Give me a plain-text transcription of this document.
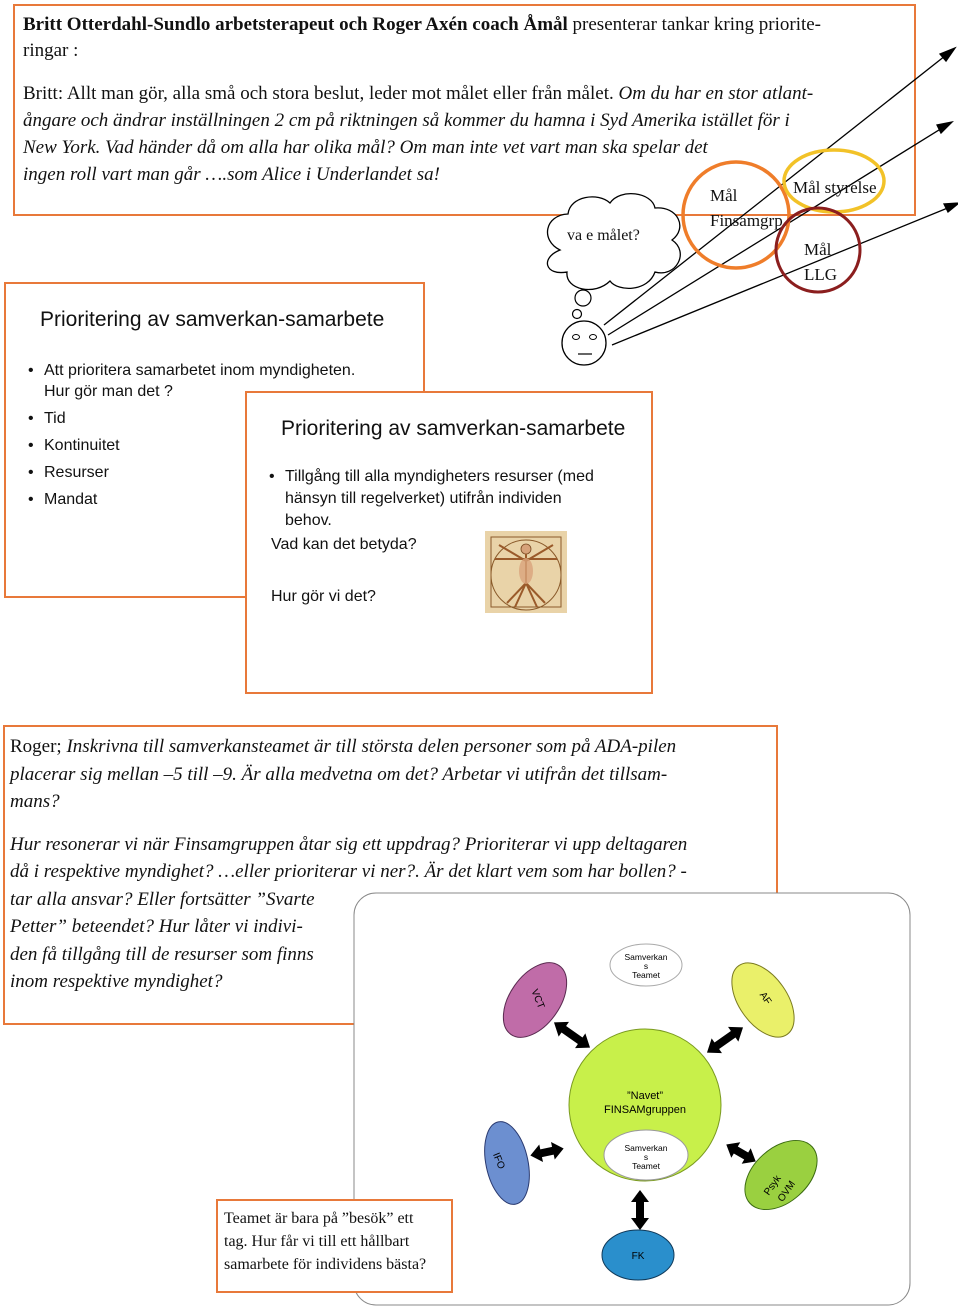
Britt Otterdahl-Sundlo arbetsterapeut och Roger Axén coach Åmål presenterar tankar kring priorite-
ringar :
Britt: Allt man gör, alla små och stora beslut, leder mot målet eller från målet. Om du har en stor atlant-
ångare och ändrar inställningen 2 cm på riktningen så kommer du hamna i Syd Amerika istället för i
New York. Vad händer då om alla har olika mål? Om man inte vet vart man ska spelar det
ingen roll vart man går ….som Alice i Underlandet sa!
va e målet?
Mål
Finsamgrp
Mål styrelse
Mål
LLG
Prioritering av samverkan-samarbete
• Att prioritera samarbetet inom myndigheten.
Hur gör man det ?
• Tid
• Kontinuitet
• Resurser
• Mandat
Prioritering av samverkan-samarbete
• Tillgång till alla myndigheters resurser (med
hänsyn till regelverket) utifrån individen
behov.
Vad kan det betyda?
Hur gör vi det?
Roger; Inskrivna till samverkansteamet är till största delen personer som på ADA-pilen
placerar sig mellan –5 till –9. Är alla medvetna om det? Arbetar vi utifrån det tillsam-
mans?
Hur resonerar vi när Finsamgruppen åtar sig ett uppdrag? Prioriterar vi upp deltagaren
då i respektive myndighet? …eller prioriterar vi ner?. Är det klart vem som har bollen? -
tar alla ansvar? Eller fortsätter ”Svarte
Petter” beteendet? Hur låter vi indivi-
den få tillgång till de resurser som finns
inom respektive myndighet?
Samverkan
s
Teamet
”Navet”
FINSAMgruppen
Samverkan
s
Teamet
VCT	AF
IFO
Psyk
OVM
FK
Teamet är bara på ”besök” ett
tag. Hur får vi till ett hållbart
samarbete för individens bästa?
